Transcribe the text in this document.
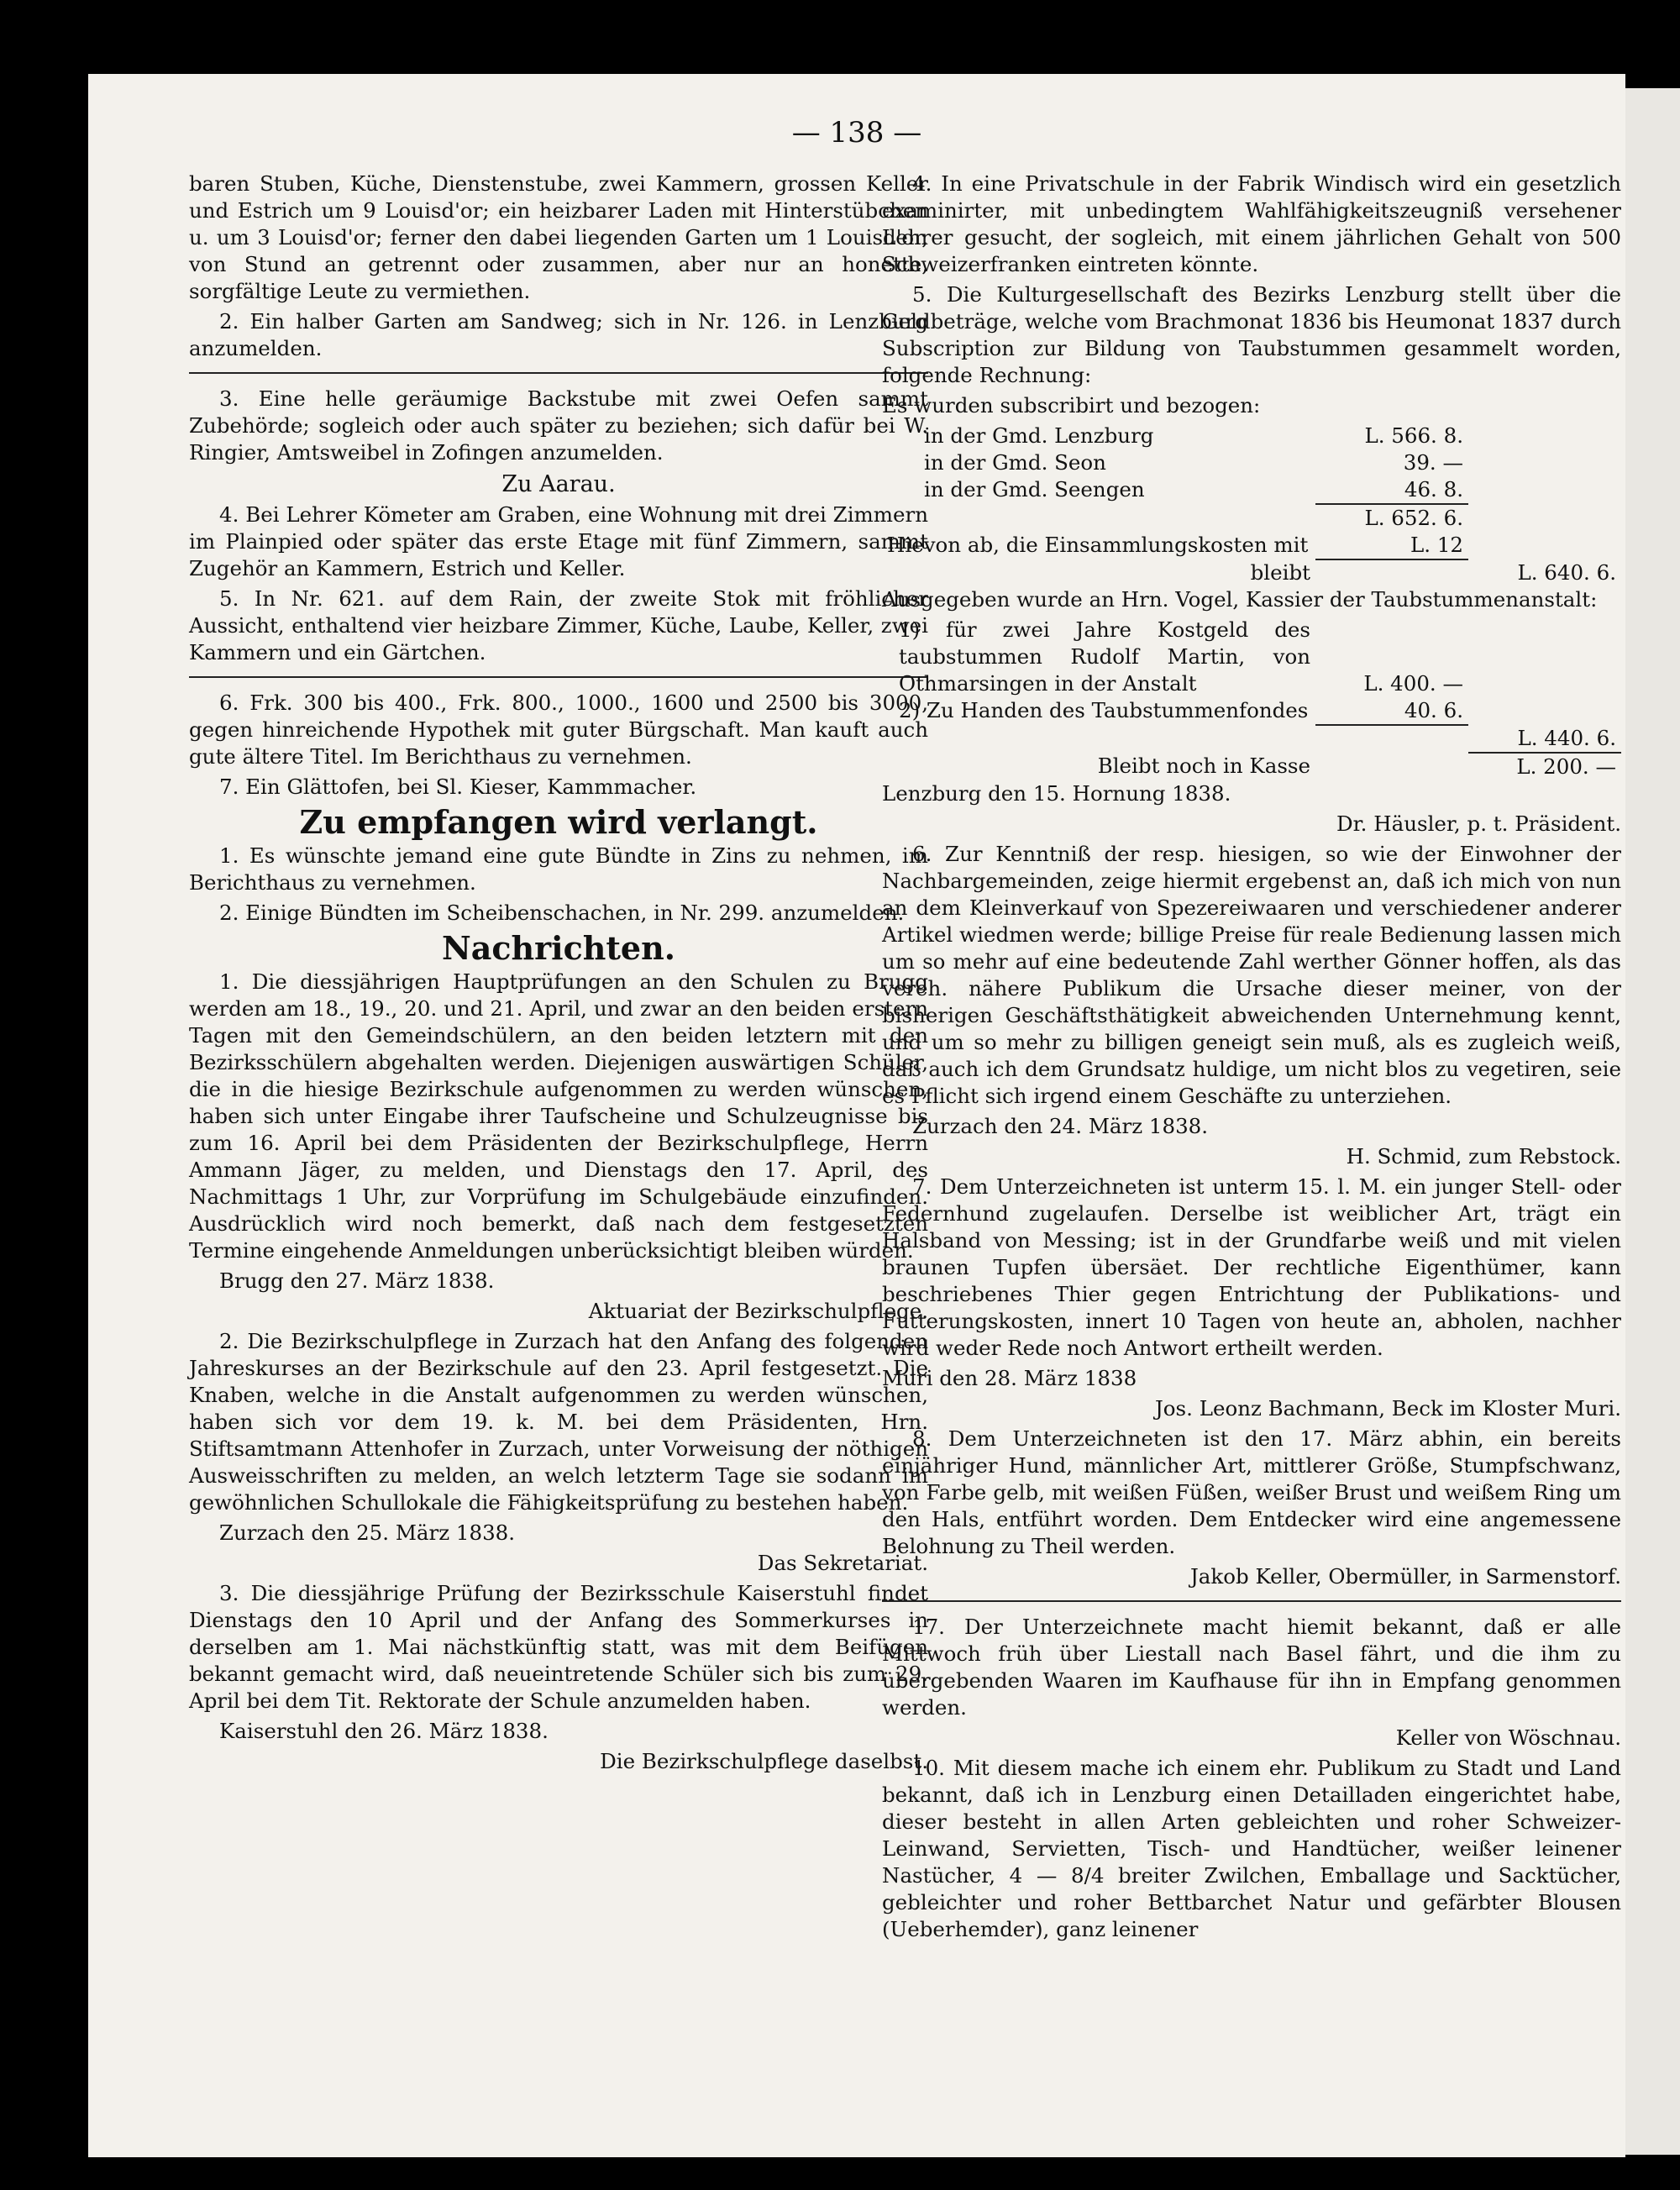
— 138 —

baren Stuben, Küche, Dienstenstube, zwei Kammern, grossen Keller und Estrich um 9 Louisd'or; ein heizbarer Laden mit Hinterstübchen u. um 3 Louisd'or; ferner den dabei liegenden Garten um 1 Louisd'or, von Stund an getrennt oder zusammen, aber nur an honette, sorgfältige Leute zu vermiethen.

2. Ein halber Garten am Sandweg; sich in Nr. 126. in Lenzburg anzumelden.

3. Eine helle geräumige Backstube mit zwei Oefen sammt Zubehörde; sogleich oder auch später zu beziehen; sich dafür bei W. Ringier, Amtsweibel in Zofingen anzumelden.

Zu Aarau.

4. Bei Lehrer Kömeter am Graben, eine Wohnung mit drei Zimmern im Plainpied oder später das erste Etage mit fünf Zimmern, sammt Zugehör an Kammern, Estrich und Keller.

5. In Nr. 621. auf dem Rain, der zweite Stok mit fröhlicher Aussicht, enthaltend vier heizbare Zimmer, Küche, Laube, Keller, zwei Kammern und ein Gärtchen.

6. Frk. 300 bis 400., Frk. 800., 1000., 1600 und 2500 bis 3000, gegen hinreichende Hypothek mit guter Bürgschaft. Man kauft auch gute ältere Titel. Im Berichthaus zu vernehmen.

7. Ein Glättofen, bei Sl. Kieser, Kammmacher.

Zu empfangen wird verlangt.

1. Es wünschte jemand eine gute Bündte in Zins zu nehmen, im Berichthaus zu vernehmen.

2. Einige Bündten im Scheibenschachen, in Nr. 299. anzumelden.

Nachrichten.

1. Die diessjährigen Hauptprüfungen an den Schulen zu Brugg werden am 18., 19., 20. und 21. April, und zwar an den beiden erstern Tagen mit den Gemeindschülern, an den beiden letztern mit den Bezirksschülern abgehalten werden. Diejenigen auswärtigen Schüler, die in die hiesige Bezirkschule aufgenommen zu werden wünschen, haben sich unter Eingabe ihrer Taufscheine und Schulzeugnisse bis zum 16. April bei dem Präsidenten der Bezirkschulpflege, Herrn Ammann Jäger, zu melden, und Dienstags den 17. April, des Nachmittags 1 Uhr, zur Vorprüfung im Schulgebäude einzufinden. Ausdrücklich wird noch bemerkt, daß nach dem festgesetzten Termine eingehende Anmeldungen unberücksichtigt bleiben würden.

Brugg den 27. März 1838.

Aktuariat der Bezirkschulpflege.

2. Die Bezirkschulpflege in Zurzach hat den Anfang des folgenden Jahreskurses an der Bezirkschule auf den 23. April festgesetzt. Die Knaben, welche in die Anstalt aufgenommen zu werden wünschen, haben sich vor dem 19. k. M. bei dem Präsidenten, Hrn. Stiftsamtmann Attenhofer in Zurzach, unter Vorweisung der nöthigen Ausweisschriften zu melden, an welch letzterm Tage sie sodann im gewöhnlichen Schullokale die Fähigkeitsprüfung zu bestehen haben.

Zurzach den 25. März 1838.

Das Sekretariat.

3. Die diessjährige Prüfung der Bezirksschule Kaiserstuhl findet Dienstags den 10 April und der Anfang des Sommerkurses in derselben am 1. Mai nächstkünftig statt, was mit dem Beifügen bekannt gemacht wird, daß neueintretende Schüler sich bis zum 29. April bei dem Tit. Rektorate der Schule anzumelden haben.

Kaiserstuhl den 26. März 1838.

Die Bezirkschulpflege daselbst.

4. In eine Privatschule in der Fabrik Windisch wird ein gesetzlich examinirter, mit unbedingtem Wahlfähigkeitszeugniß versehener Lehrer gesucht, der sogleich, mit einem jährlichen Gehalt von 500 Schweizerfranken eintreten könnte.

5. Die Kulturgesellschaft des Bezirks Lenzburg stellt über die Geldbeträge, welche vom Brachmonat 1836 bis Heumonat 1837 durch Subscription zur Bildung von Taubstummen gesammelt worden, folgende Rechnung:

Es wurden subscribirt und bezogen:

in der Gmd. Lenzburg	L. 566. 8.	
in der Gmd. Seon	39. —	
in der Gmd. Seengen	46. 8.	
	L. 652. 6.	
Hievon ab, die Einsammlungskosten mit	L. 12	
bleibt		L. 640. 6.

Ausgegeben wurde an Hrn. Vogel, Kassier der Taubstummenanstalt:

1) für zwei Jahre Kostgeld des taubstummen Rudolf Martin, von Othmarsingen in der Anstalt	L. 400. —	
2) Zu Handen des Taubstummenfondes	40. 6.	
		L. 440. 6.
Bleibt noch in Kasse		L. 200. —

Lenzburg den 15. Hornung 1838.

Dr. Häusler, p. t. Präsident.

6. Zur Kenntniß der resp. hiesigen, so wie der Einwohner der Nachbargemeinden, zeige hiermit ergebenst an, daß ich mich von nun an dem Kleinverkauf von Spezereiwaaren und verschiedener anderer Artikel wiedmen werde; billige Preise für reale Bedienung lassen mich um so mehr auf eine bedeutende Zahl werther Gönner hoffen, als das vereh. nähere Publikum die Ursache dieser meiner, von der bisherigen Geschäftsthätigkeit abweichenden Unternehmung kennt, und um so mehr zu billigen geneigt sein muß, als es zugleich weiß, daß auch ich dem Grundsatz huldige, um nicht blos zu vegetiren, seie es Pflicht sich irgend einem Geschäfte zu unterziehen.

Zurzach den 24. März 1838.

H. Schmid, zum Rebstock.

7. Dem Unterzeichneten ist unterm 15. l. M. ein junger Stell- oder Federnhund zugelaufen. Derselbe ist weiblicher Art, trägt ein Halsband von Messing; ist in der Grundfarbe weiß und mit vielen braunen Tupfen übersäet. Der rechtliche Eigenthümer, kann beschriebenes Thier gegen Entrichtung der Publikations- und Futterungskosten, innert 10 Tagen von heute an, abholen, nachher wird weder Rede noch Antwort ertheilt werden.

Muri den 28. März 1838

Jos. Leonz Bachmann, Beck im Kloster Muri.

8. Dem Unterzeichneten ist den 17. März abhin, ein bereits einjähriger Hund, männlicher Art, mittlerer Größe, Stumpfschwanz, von Farbe gelb, mit weißen Füßen, weißer Brust und weißem Ring um den Hals, entführt worden. Dem Entdecker wird eine angemessene Belohnung zu Theil werden.

Jakob Keller, Obermüller, in Sarmenstorf.

17. Der Unterzeichnete macht hiemit bekannt, daß er alle Mittwoch früh über Liestall nach Basel fährt, und die ihm zu übergebenden Waaren im Kaufhause für ihn in Empfang genommen werden.

Keller von Wöschnau.

10. Mit diesem mache ich einem ehr. Publikum zu Stadt und Land bekannt, daß ich in Lenzburg einen Detailladen eingerichtet habe, dieser besteht in allen Arten gebleichten und roher Schweizer-Leinwand, Servietten, Tisch- und Handtücher, weißer leinener Nastücher, 4 — 8/4 breiter Zwilchen, Emballage und Sacktücher, gebleichter und roher Bettbarchet Natur und gefärbter Blousen (Ueberhemder), ganz leinener
